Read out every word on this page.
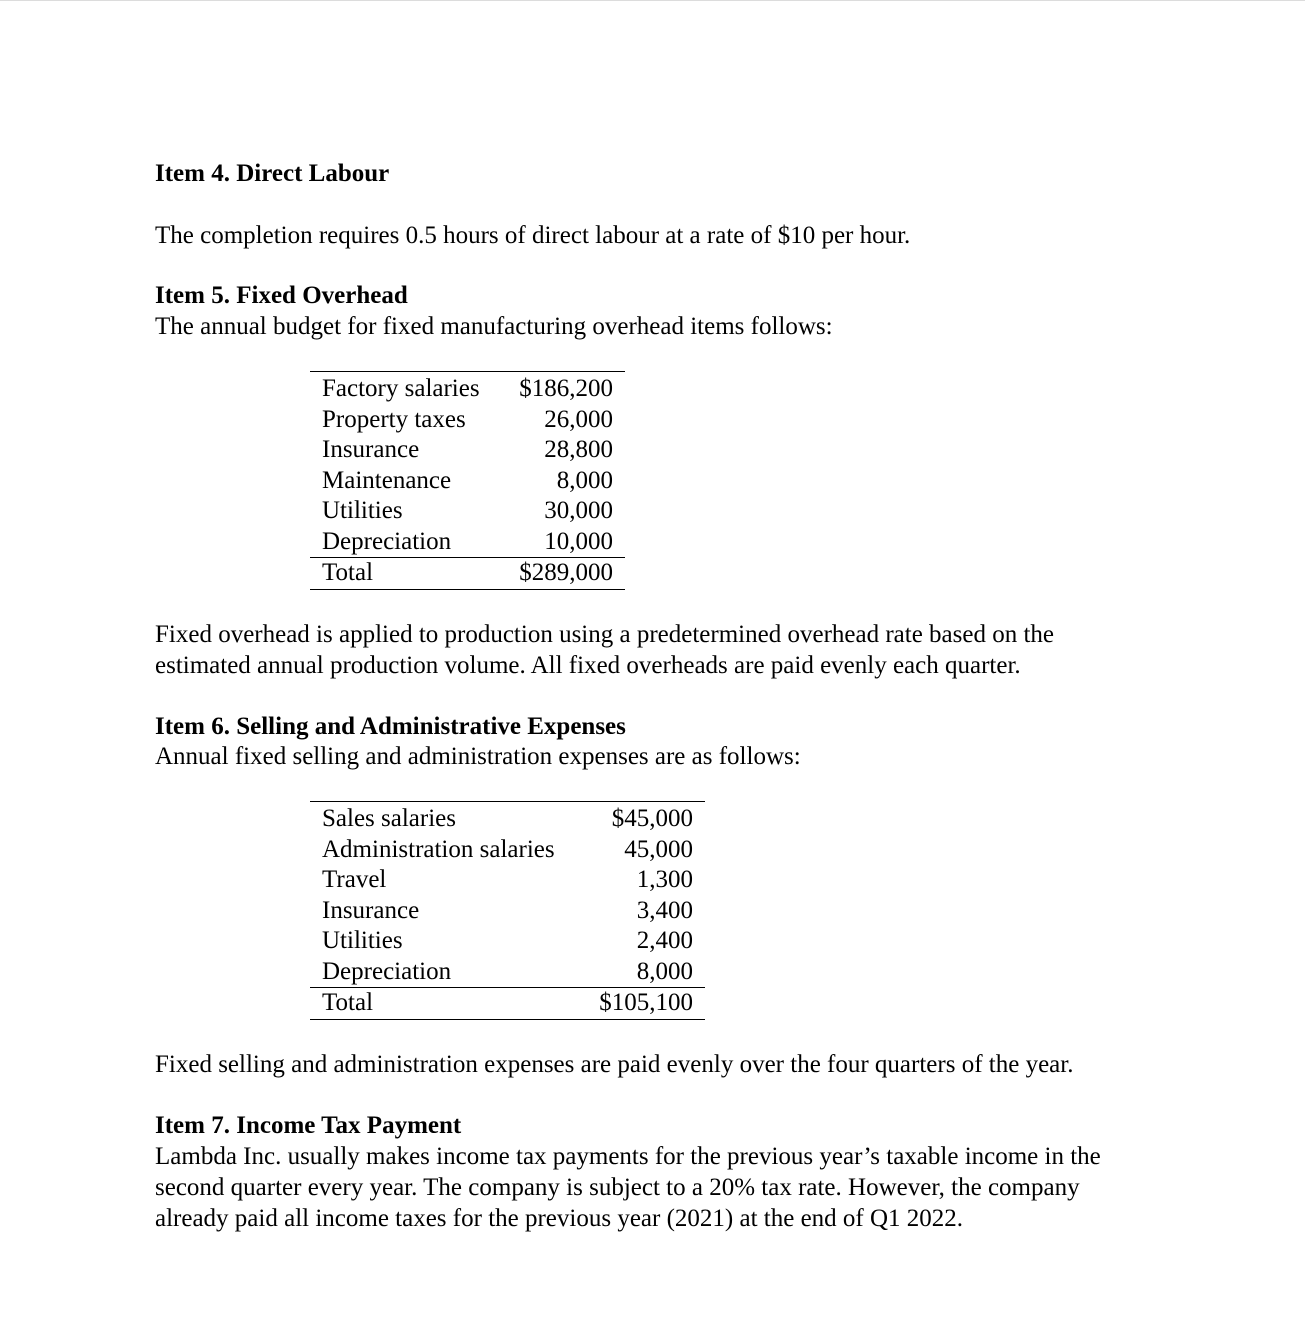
Item 4. Direct Labour
The completion requires 0.5 hours of direct labour at a rate of $10 per hour.
Item 5. Fixed Overhead
The annual budget for fixed manufacturing overhead items follows:
Factory salaries	$186,200
Property taxes	26,000
Insurance	28,800
Maintenance	8,000
Utilities	30,000
Depreciation	10,000
Total	$289,000
Fixed overhead is applied to production using a predetermined overhead rate based on the
estimated annual production volume. All fixed overheads are paid evenly each quarter.
Item 6. Selling and Administrative Expenses
Annual fixed selling and administration expenses are as follows:
Sales salaries	$45,000
Administration salaries	45,000
Travel	1,300
Insurance	3,400
Utilities	2,400
Depreciation	8,000
Total	$105,100
Fixed selling and administration expenses are paid evenly over the four quarters of the year.
Item 7. Income Tax Payment
Lambda Inc. usually makes income tax payments for the previous year’s taxable income in the
second quarter every year. The company is subject to a 20% tax rate. However, the company
already paid all income taxes for the previous year (2021) at the end of Q1 2022.
